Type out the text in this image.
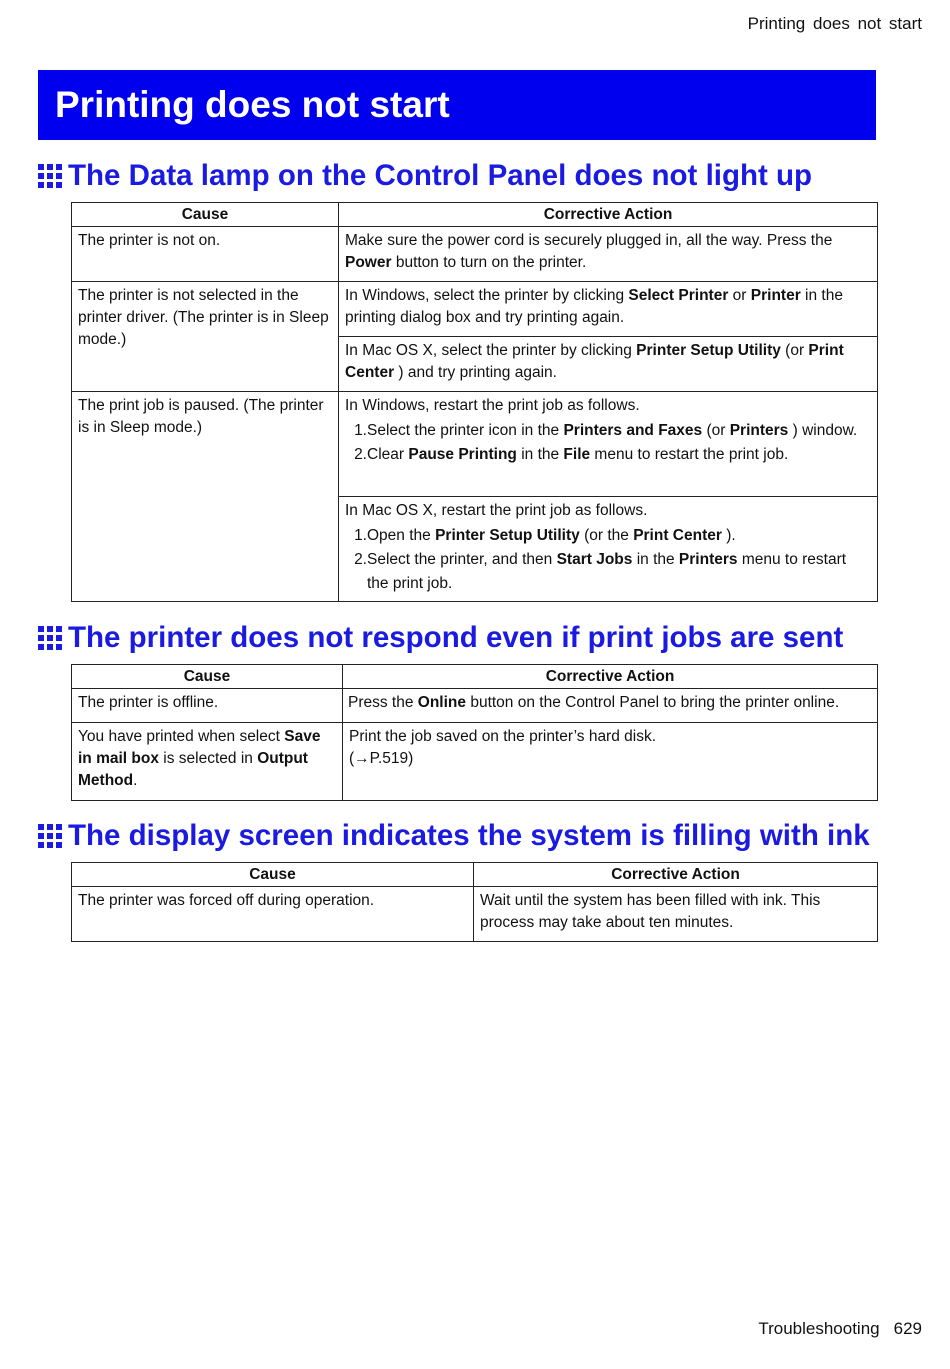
Printing does not start
Printing does not start
The Data lamp on the Control Panel does not light up
Cause	Corrective Action
The printer is not on.	Make sure the power cord is securely plugged in, all the way. Press the Power button to turn on the printer.
The printer is not selected in the printer driver. (The printer is in Sleep mode.)	In Windows, select the printer by clicking Select Printer or Printer in the printing dialog box and try printing again.
	In Mac OS X, select the printer by clicking Printer Setup Utility (or Print Center ) and try printing again.
The print job is paused. (The printer is in Sleep mode.)	In Windows, restart the print job as follows.
1. Select the printer icon in the Printers and Faxes (or Printers ) window.
2. Clear Pause Printing in the File menu to restart the print job.

	In Mac OS X, restart the print job as follows.
1. Open the Printer Setup Utility (or the Print Center ).
2. Select the printer, and then Start Jobs in the Printers menu to restart the print job.
The printer does not respond even if print jobs are sent
Cause	Corrective Action
The printer is offline.	Press the Online button on the Control Panel to bring the printer online.
You have printed when select Save in mail box is selected in Output Method.	Print the job saved on the printer’s hard disk.
(→P.519)
The display screen indicates the system is filling with ink
Cause	Corrective Action
The printer was forced off during operation.	Wait until the system has been filled with ink. This process may take about ten minutes.
Troubleshooting 629
